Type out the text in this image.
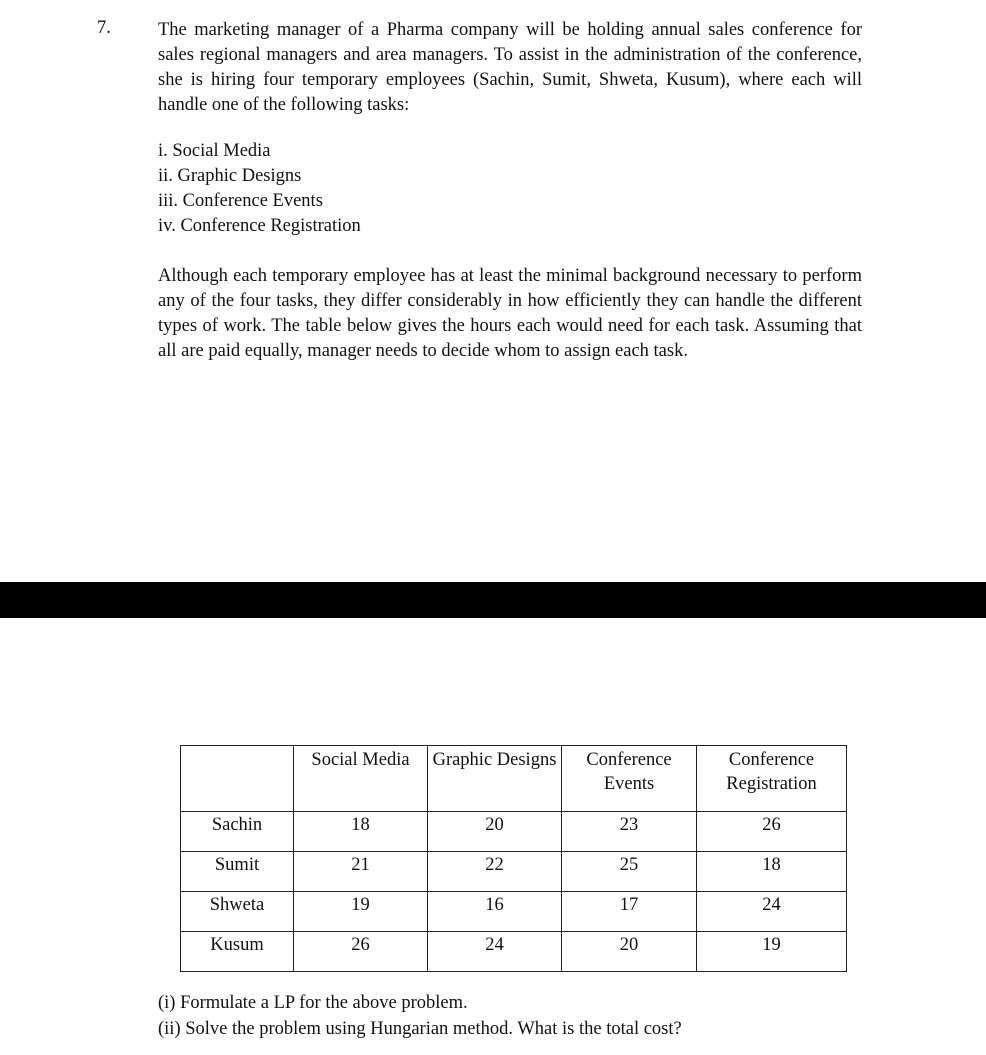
7.	The marketing manager of a Pharma company will be holding annual sales conference for sales regional managers and area managers. To assist in the administration of the conference, she is hiring four temporary employees (Sachin, Sumit, Shweta, Kusum), where each will handle one of the following tasks:

i. Social Media
ii. Graphic Designs
iii. Conference Events
iv. Conference Registration

Although each temporary employee has at least the minimal background necessary to perform any of the four tasks, they differ considerably in how efficiently they can handle the different types of work. The table below gives the hours each would need for each task. Assuming that all are paid equally, manager needs to decide whom to assign each task.

	Social Media	Graphic Designs	Conference Events	Conference Registration
Sachin	18	20	23	26
Sumit	21	22	25	18
Shweta	19	16	17	24
Kusum	26	24	20	19
(i) Formulate a LP for the above problem.
(ii) Solve the problem using Hungarian method. What is the total cost?
